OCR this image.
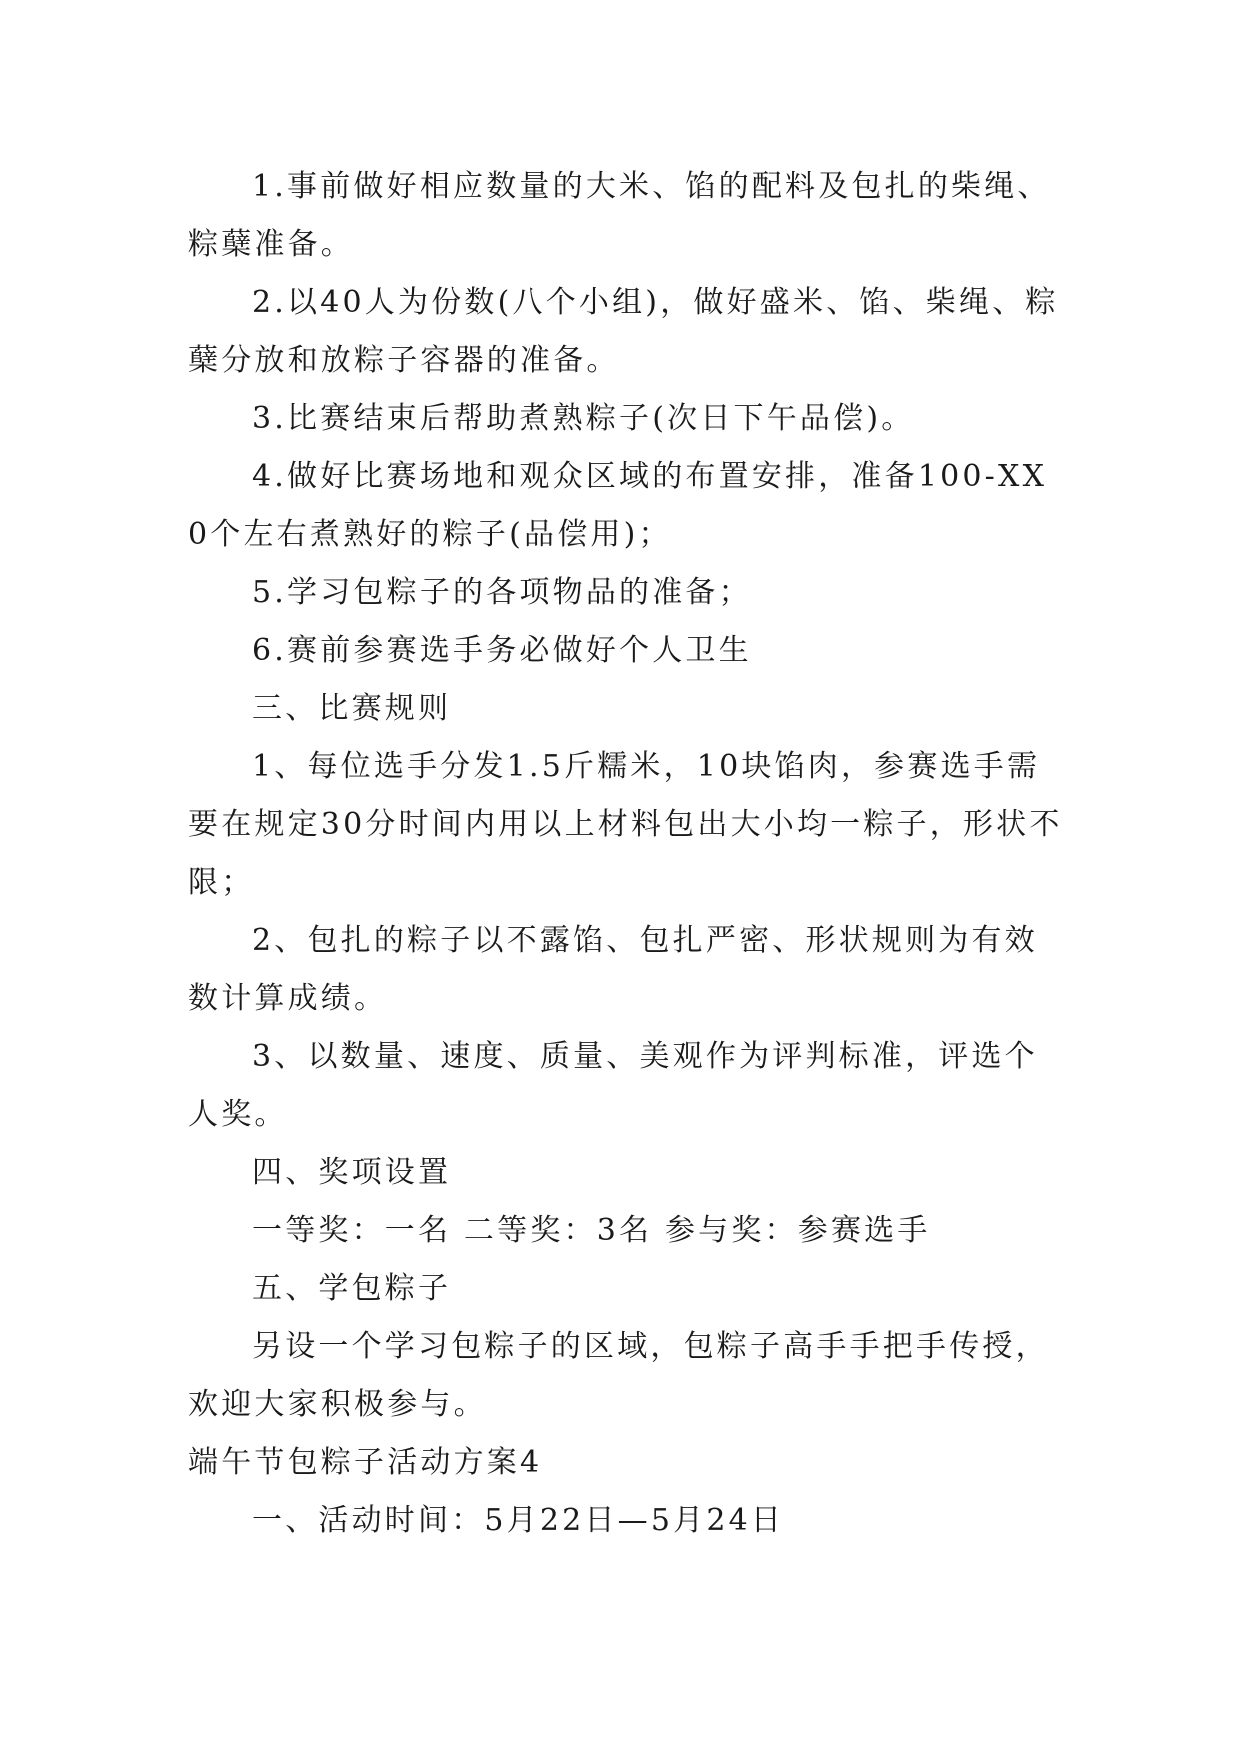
1.事前做好相应数量的大米、馅的配料及包扎的柴绳、粽蘖准备。

2.以40人为份数(八个小组)，做好盛米、馅、柴绳、粽蘖分放和放粽子容器的准备。

3.比赛结束后帮助煮熟粽子(次日下午品偿)。

4.做好比赛场地和观众区域的布置安排，准备100-XX0个左右煮熟好的粽子(品偿用)；

5.学习包粽子的各项物品的准备；

6.赛前参赛选手务必做好个人卫生

三、比赛规则

1、每位选手分发1.5斤糯米，10块馅肉，参赛选手需要在规定30分时间内用以上材料包出大小均一粽子，形状不限；

2、包扎的粽子以不露馅、包扎严密、形状规则为有效数计算成绩。

3、以数量、速度、质量、美观作为评判标准，评选个人奖。

四、奖项设置

一等奖：一名 二等奖：3名 参与奖：参赛选手

五、学包粽子

另设一个学习包粽子的区域，包粽子高手手把手传授，欢迎大家积极参与。

端午节包粽子活动方案4

一、活动时间：5月22日—5月24日
